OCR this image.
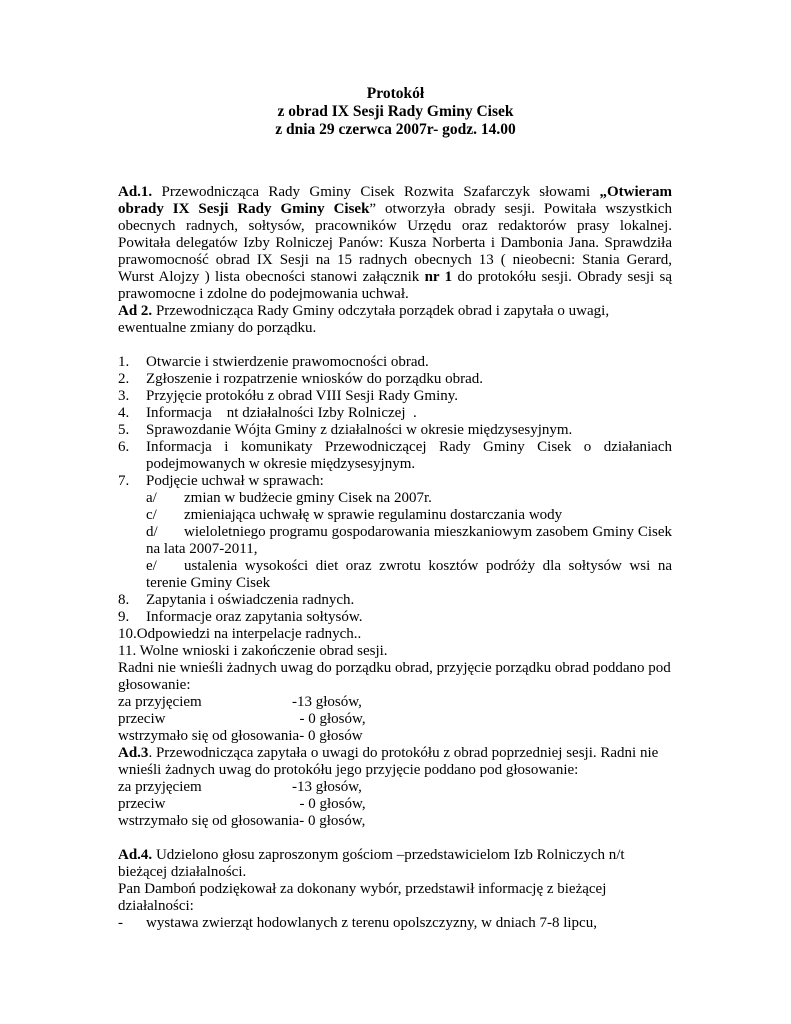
Protokół
z obrad IX Sesji Rady Gminy Cisek
z dnia 29 czerwca 2007r- godz. 14.00

Ad.1. Przewodnicząca Rady Gminy Cisek Rozwita Szafarczyk słowami „Otwieram obrady IX Sesji Rady Gminy Cisek” otworzyła obrady sesji. Powitała wszystkich obecnych radnych, sołtysów, pracowników Urzędu oraz redaktorów prasy lokalnej. Powitała delegatów Izby Rolniczej Panów: Kusza Norberta i Dambonia Jana. Sprawdziła prawomocność obrad IX Sesji na 15 radnych obecnych 13 ( nieobecni: Stania Gerard, Wurst Alojzy ) lista obecności stanowi załącznik nr 1 do protokółu sesji. Obrady sesji są prawomocne i zdolne do podejmowania uchwał.

Ad 2. Przewodnicząca Rady Gminy odczytała porządek obrad i zapytała o uwagi, ewentualne zmiany do porządku.

1. Otwarcie i stwierdzenie prawomocności obrad.
2. Zgłoszenie i rozpatrzenie wniosków do porządku obrad.
3. Przyjęcie protokółu z obrad VIII Sesji Rady Gminy.
4. Informacja    nt działalności Izby Rolniczej  .
5. Sprawozdanie Wójta Gminy z działalności w okresie międzysesyjnym.
6. Informacja i komunikaty Przewodniczącej Rady Gminy Cisek o działaniach podejmowanych w okresie międzysesyjnym.
7. Podjęcie uchwał w sprawach:
a/ zmian w budżecie gminy Cisek na 2007r.
c/ zmieniająca uchwałę w sprawie regulaminu dostarczania wody
d/ wieloletniego programu gospodarowania mieszkaniowym zasobem Gminy Cisek na lata 2007-2011,
e/ ustalenia wysokości diet oraz zwrotu kosztów podróży dla sołtysów wsi na terenie Gminy Cisek
8. Zapytania i oświadczenia radnych.
9. Informacje oraz zapytania sołtysów.
10.Odpowiedzi na interpelacje radnych..
11. Wolne wnioski i zakończenie obrad sesji.

Radni nie wnieśli żadnych uwag do porządku obrad, przyjęcie porządku obrad poddano pod głosowanie:

za przyjęciem	-13 głosów,
przeciw	- 0 głosów,
wstrzymało się od głosowania- 0 głosów

Ad.3. Przewodnicząca zapytała o uwagi do protokółu z obrad poprzedniej sesji. Radni nie wnieśli żadnych uwag do protokółu jego przyjęcie poddano pod głosowanie:

za przyjęciem	-13 głosów,
przeciw	- 0 głosów,
wstrzymało się od głosowania- 0 głosów,

Ad.4. Udzielono głosu zaproszonym gościom –przedstawicielom Izb Rolniczych n/t bieżącej działalności.

Pan Damboń podziękował za dokonany wybór, przedstawił informację z bieżącej działalności:

- wystawa zwierząt hodowlanych z terenu opolszczyzny, w dniach 7-8 lipcu,
